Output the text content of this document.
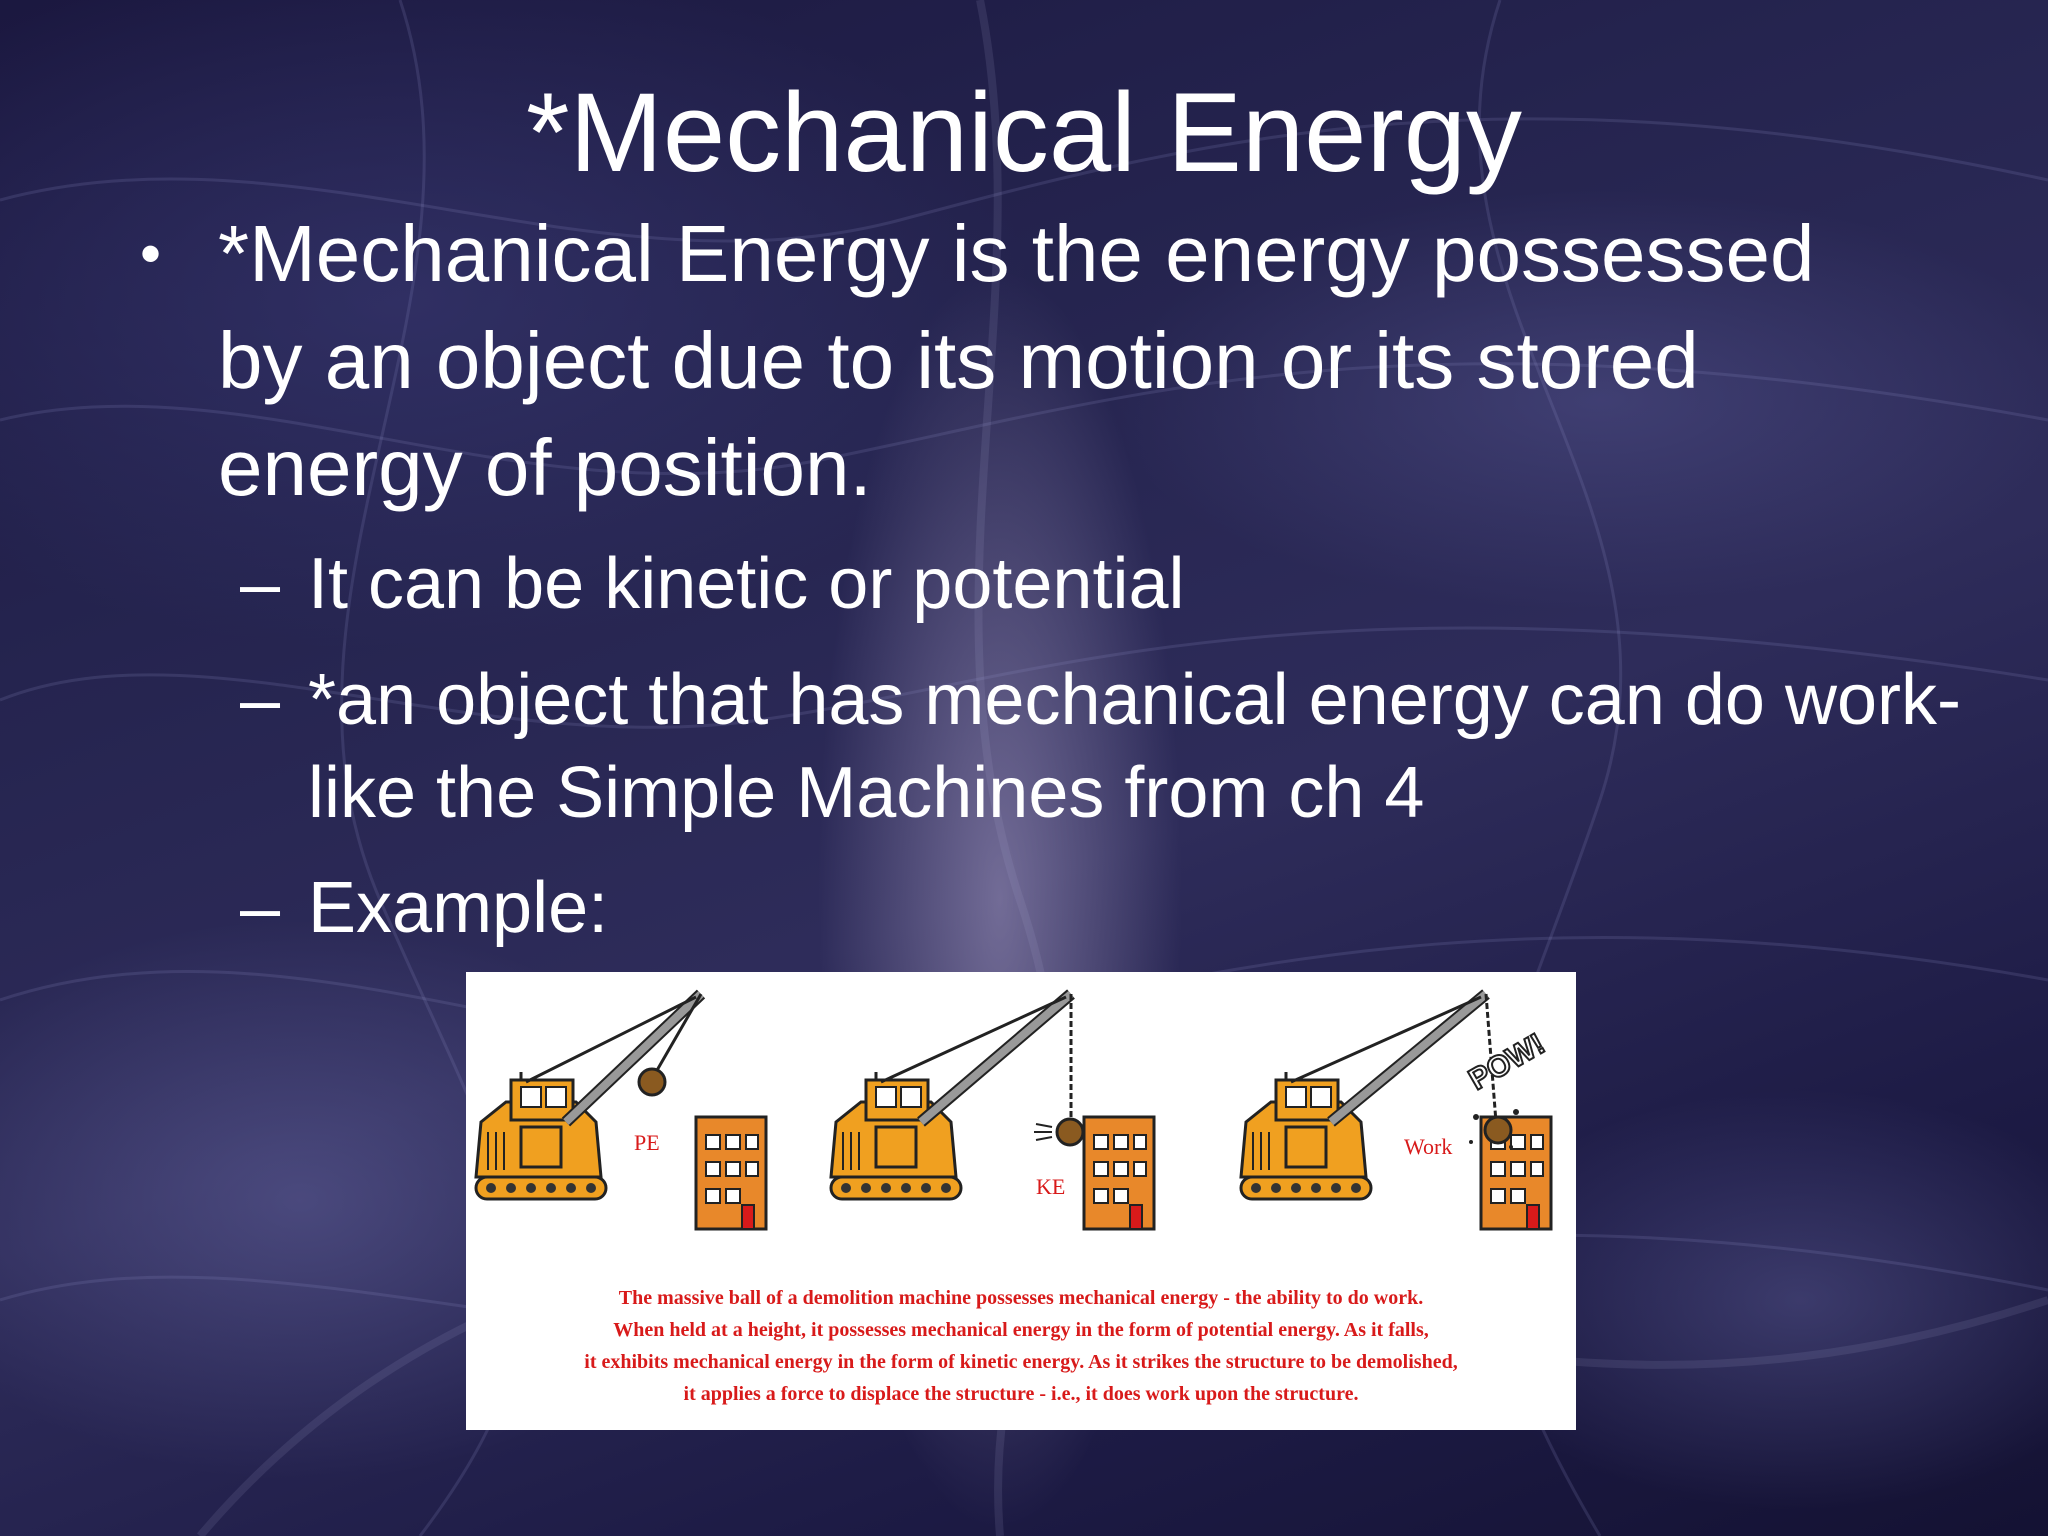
*Mechanical Energy
• *Mechanical Energy is the energy possessed by an object due to its motion or its stored energy of position.
– It can be kinetic or potential
– *an object that has mechanical energy can do work- like the Simple Machines from ch 4
– Example:
PE
KE
POW!
Work
The massive ball of a demolition machine possesses mechanical energy - the ability to do work.
When held at a height, it possesses mechanical energy in the form of potential energy. As it falls,
it exhibits mechanical energy in the form of kinetic energy. As it strikes the structure to be demolished,
it applies a force to displace the structure - i.e., it does work upon the structure.
